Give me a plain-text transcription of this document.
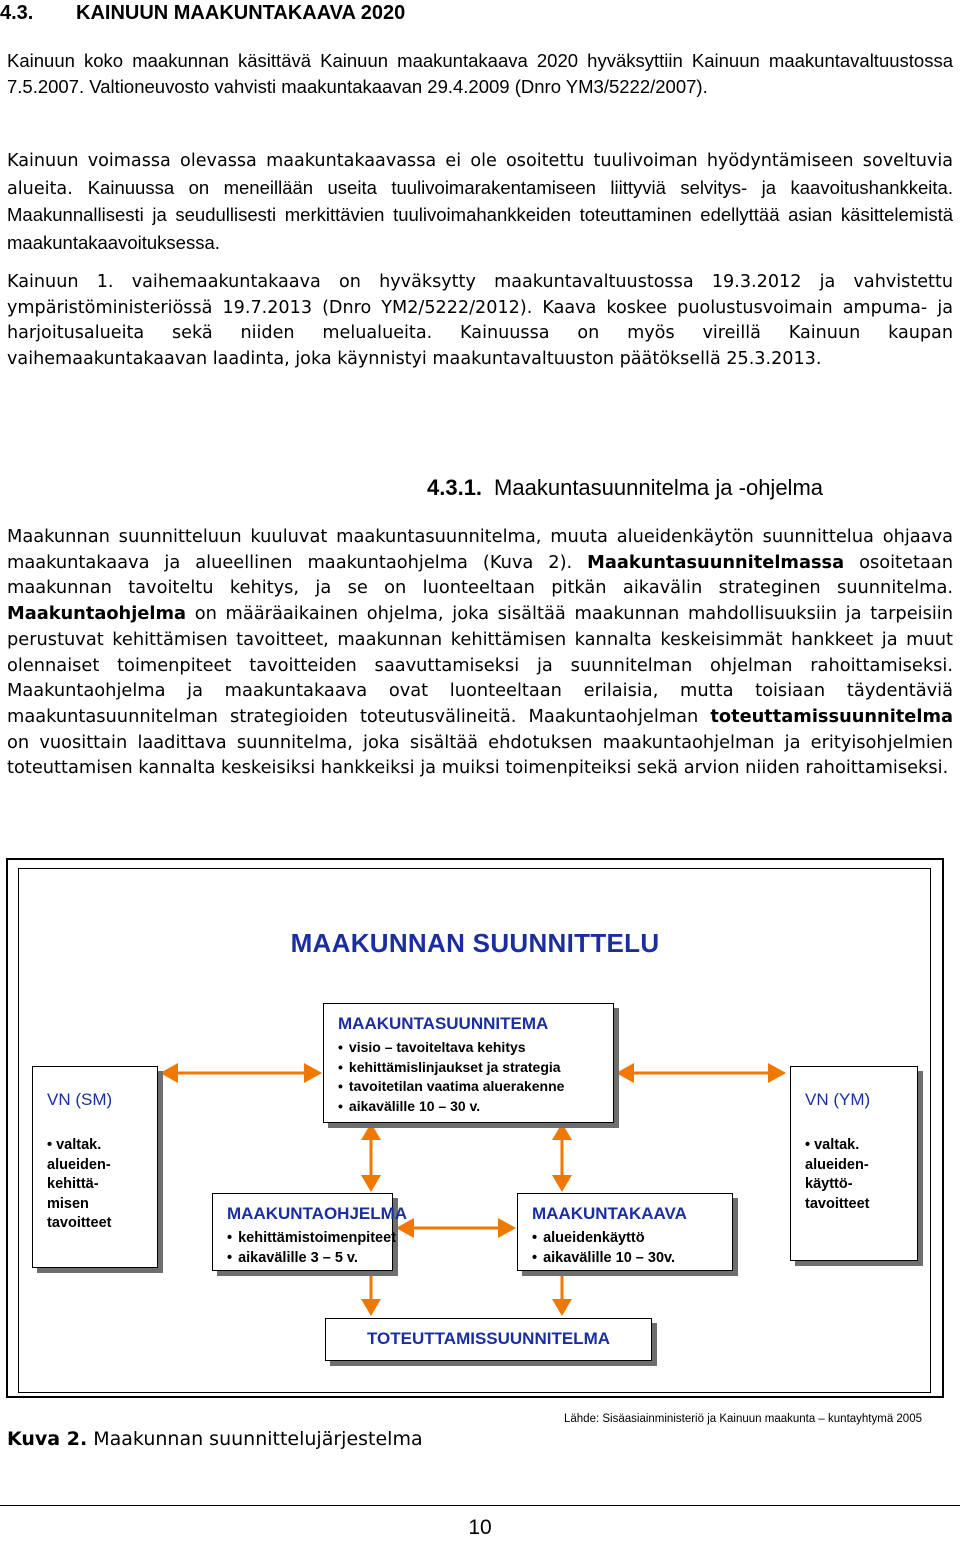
4.3. KAINUUN MAAKUNTAKAAVA 2020

Kainuun koko maakunnan käsittävä Kainuun maakuntakaava 2020 hyväksyttiin Kainuun maakuntavaltuustossa 7.5.2007. Valtioneuvosto vahvisti maakuntakaavan 29.4.2009 (Dnro YM3/5222/2007).

Kainuun voimassa olevassa maakuntakaavassa ei ole osoitettu tuulivoiman hyödyntämiseen soveltuvia alueita. Kainuussa on meneillään useita tuulivoimarakentamiseen liittyviä selvitys- ja kaavoitushankkeita. Maakunnallisesti ja seudullisesti merkittävien tuulivoimahankkeiden toteuttaminen edellyttää asian käsittelemistä maakuntakaavoituksessa.

Kainuun 1. vaihemaakuntakaava on hyväksytty maakuntavaltuustossa 19.3.2012 ja vahvistettu ympäristöministeriössä 19.7.2013 (Dnro YM2/5222/2012). Kaava koskee puolustusvoimain ampuma- ja harjoitusalueita sekä niiden melualueita. Kainuussa on myös vireillä Kainuun kaupan vaihemaakuntakaavan laadinta, joka käynnistyi maakuntavaltuuston päätöksellä 25.3.2013.

4.3.1. Maakuntasuunnitelma ja -ohjelma

Maakunnan suunnitteluun kuuluvat maakuntasuunnitelma, muuta alueidenkäytön suunnittelua ohjaava maakuntakaava ja alueellinen maakuntaohjelma (Kuva 2). Maakuntasuunnitelmassa osoitetaan maakunnan tavoiteltu kehitys, ja se on luonteeltaan pitkän aikavälin strateginen suunnitelma. Maakuntaohjelma on määräaikainen ohjelma, joka sisältää maakunnan mahdollisuuksiin ja tarpeisiin perustuvat kehittämisen tavoitteet, maakunnan kehittämisen kannalta keskeisimmät hankkeet ja muut olennaiset toimenpiteet tavoitteiden saavuttamiseksi ja suunnitelman ohjelman rahoittamiseksi. Maakuntaohjelma ja maakuntakaava ovat luonteeltaan erilaisia, mutta toisiaan täydentäviä maakuntasuunnitelman strategioiden toteutusvälineitä. Maakuntaohjelman toteuttamissuunnitelma on vuosittain laadittava suunnitelma, joka sisältää ehdotuksen maakuntaohjelman ja erityisohjelmien toteuttamisen kannalta keskeisiksi hankkeiksi ja muiksi toimenpiteiksi sekä arvion niiden rahoittamiseksi.

MAAKUNNAN SUUNNITTELU
MAAKUNTASUUNNITEMA
• visio – tavoiteltava kehitys
• kehittämislinjaukset ja strategia
• tavoitetilan vaatima aluerakenne
• aikavälille 10 – 30 v.
VN (SM)
• valtak.
alueiden-
kehittä-
misen
tavoitteet
VN (YM)
• valtak.
alueiden-
käyttö-
tavoitteet
MAAKUNTAOHJELMA
• kehittämistoimenpiteet
• aikavälille 3 – 5 v.
MAAKUNTAKAAVA
• alueidenkäyttö
• aikavälille 10 – 30v.
TOTEUTTAMISSUUNNITELMA
Lähde: Sisäasiainministeriö ja Kainuun maakunta – kuntayhtymä 2005
Kuva 2. Maakunnan suunnittelujärjestelma
10
